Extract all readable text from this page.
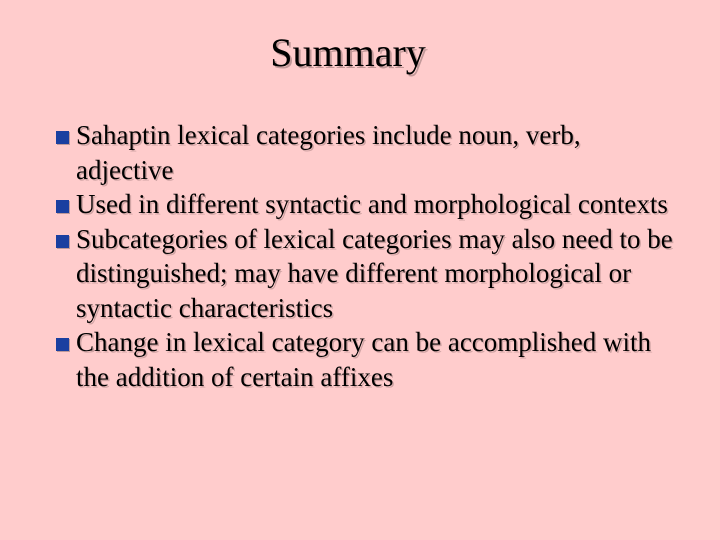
Summary
Sahaptin lexical categories include noun, verb, adjective
Used in different syntactic and morphological contexts
Subcategories of lexical categories may also need to be distinguished; may have different morphological or syntactic characteristics
Change in lexical category can be accomplished with the addition of certain affixes
